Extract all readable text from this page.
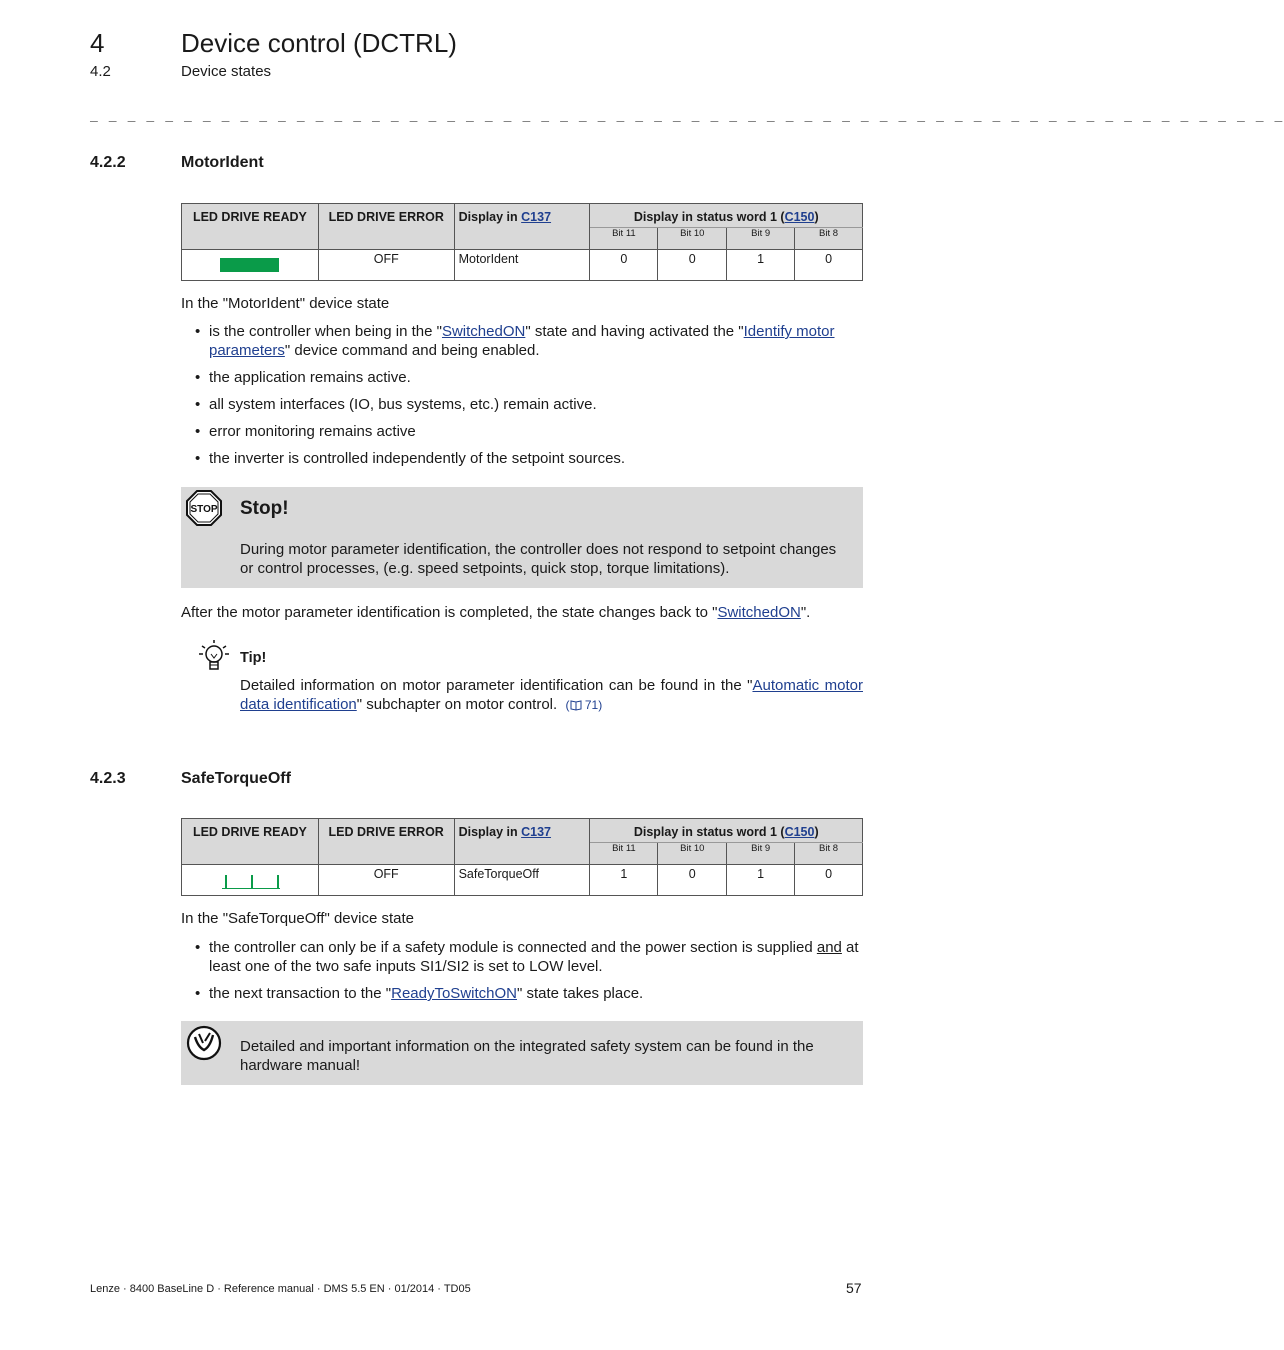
4	Device control (DCTRL)
4.2	Device states
_ _ _ _ _ _ _ _ _ _ _ _ _ _ _ _ _ _ _ _ _ _ _ _ _ _ _ _ _ _ _ _ _ _ _ _ _ _ _ _ _ _ _ _ _ _ _ _ _ _ _ _ _ _ _ _ _ _ _ _ _ _ _ _
4.2.2	MotorIdent
LED DRIVE READY	LED DRIVE ERROR	Display in C137	Display in status word 1 (C150)			
			Bit 11	Bit 10	Bit 9	Bit 8
	OFF	MotorIdent	0	0	1	0
In the "MotorIdent" device state
• is the controller when being in the "SwitchedON" state and having activated the "Identify motor parameters" device command and being enabled.
• the application remains active.
• all system interfaces (IO, bus systems, etc.) remain active.
• error monitoring remains active
• the inverter is controlled independently of the setpoint sources.
STOP Stop!
During motor parameter identification, the controller does not respond to setpoint changes or control processes, (e.g. speed setpoints, quick stop, torque limitations).
After the motor parameter identification is completed, the state changes back to "SwitchedON".
Tip!
Detailed information on motor parameter identification can be found in the "Automatic motor data identification" subchapter on motor control. ( 71)
4.2.3	SafeTorqueOff
LED DRIVE READY	LED DRIVE ERROR	Display in C137	Display in status word 1 (C150)			
			Bit 11	Bit 10	Bit 9	Bit 8

	OFF	SafeTorqueOff	1	0	1	0
In the "SafeTorqueOff" device state
• the controller can only be if a safety module is connected and the power section is supplied and at least one of the two safe inputs SI1/SI2 is set to LOW level.
• the next transaction to the "ReadyToSwitchON" state takes place.
Detailed and important information on the integrated safety system can be found in the hardware manual!
Lenze · 8400 BaseLine D · Reference manual · DMS 5.5 EN · 01/2014 · TD05	57
